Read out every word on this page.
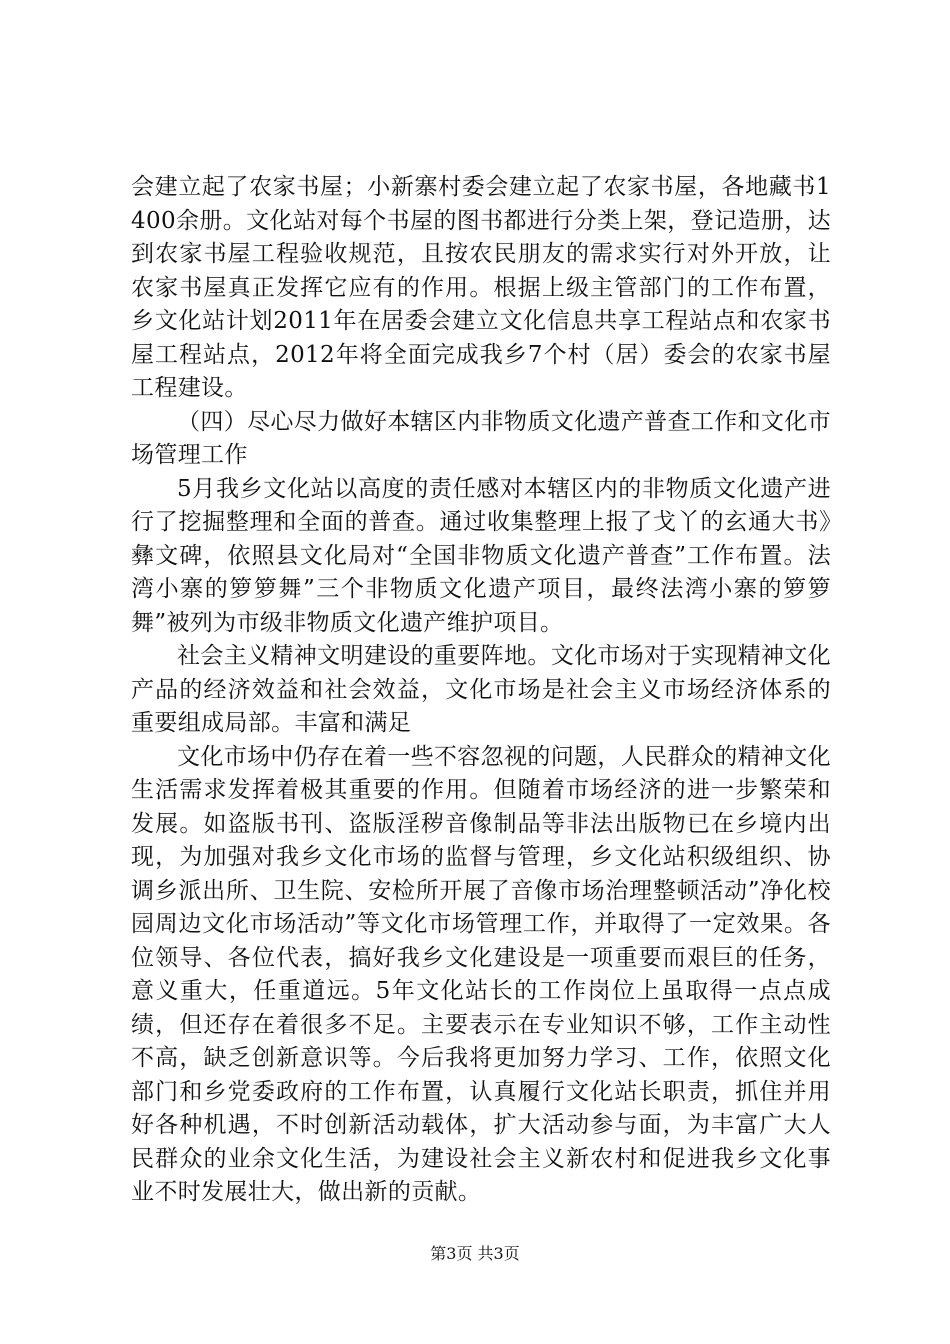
会建立起了农家书屋；小新寨村委会建立起了农家书屋，各地藏书1400余册。文化站对每个书屋的图书都进行分类上架，登记造册，达到农家书屋工程验收规范，且按农民朋友的需求实行对外开放，让农家书屋真正发挥它应有的作用。根据上级主管部门的工作布置，乡文化站计划2011年在居委会建立文化信息共享工程站点和农家书屋工程站点，2012年将全面完成我乡7个村（居）委会的农家书屋工程建设。

（四）尽心尽力做好本辖区内非物质文化遗产普查工作和文化市场管理工作

5月我乡文化站以高度的责任感对本辖区内的非物质文化遗产进行了挖掘整理和全面的普查。通过收集整理上报了戈丫的玄通大书》彝文碑，依照县文化局对“全国非物质文化遗产普查”工作布置。法湾小寨的箩箩舞”三个非物质文化遗产项目，最终法湾小寨的箩箩舞”被列为市级非物质文化遗产维护项目。

社会主义精神文明建设的重要阵地。文化市场对于实现精神文化产品的经济效益和社会效益，文化市场是社会主义市场经济体系的重要组成局部。丰富和满足

文化市场中仍存在着一些不容忽视的问题，人民群众的精神文化生活需求发挥着极其重要的作用。但随着市场经济的进一步繁荣和发展。如盗版书刊、盗版淫秽音像制品等非法出版物已在乡境内出现，为加强对我乡文化市场的监督与管理，乡文化站积级组织、协调乡派出所、卫生院、安检所开展了音像市场治理整顿活动”净化校园周边文化市场活动”等文化市场管理工作，并取得了一定效果。各位领导、各位代表，搞好我乡文化建设是一项重要而艰巨的任务，意义重大，任重道远。5年文化站长的工作岗位上虽取得一点点成绩，但还存在着很多不足。主要表示在专业知识不够，工作主动性不高，缺乏创新意识等。今后我将更加努力学习、工作，依照文化部门和乡党委政府的工作布置，认真履行文化站长职责，抓住并用好各种机遇，不时创新活动载体，扩大活动参与面，为丰富广大人民群众的业余文化生活，为建设社会主义新农村和促进我乡文化事业不时发展壮大，做出新的贡献。

第3页 共3页
